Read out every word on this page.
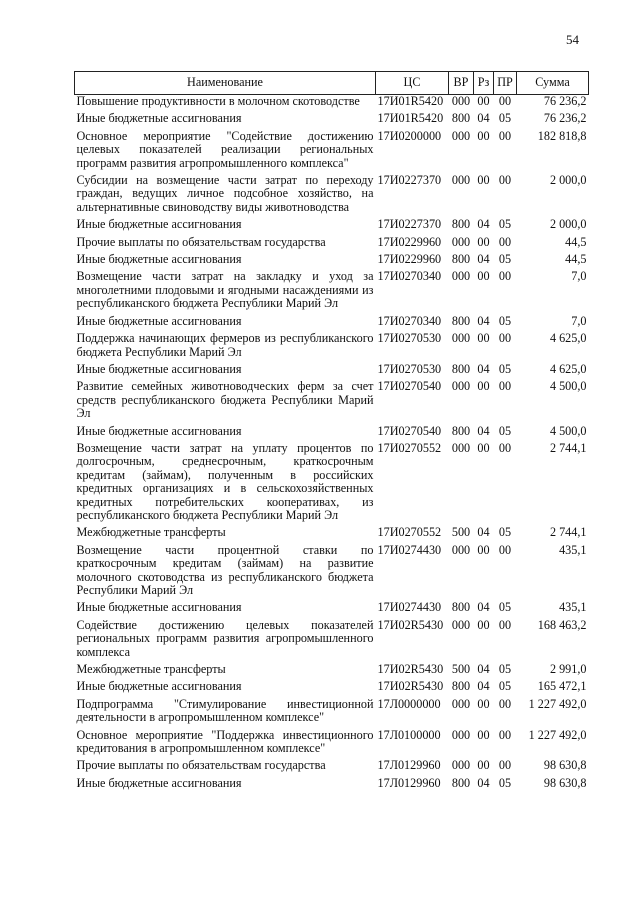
54
Наименование	ЦС	ВР	Рз	ПР	Сумма
Повышение продуктивности в молочном скотоводстве	17И01R5420	000	00	00	76 236,2
Иные бюджетные ассигнования	17И01R5420	800	04	05	76 236,2
Основное мероприятие "Содействие достижению целевых показателей реализации региональных программ развития агропромышленного комплекса"	17И0200000	000	00	00	182 818,8
Субсидии на возмещение части затрат по переходу граждан, ведущих личное подсобное хозяйство, на альтернативные свиноводству виды животноводства	17И0227370	000	00	00	2 000,0
Иные бюджетные ассигнования	17И0227370	800	04	05	2 000,0
Прочие выплаты по обязательствам государства	17И0229960	000	00	00	44,5
Иные бюджетные ассигнования	17И0229960	800	04	05	44,5
Возмещение части затрат на закладку и уход за многолетними плодовыми и ягодными насаждениями из республиканского бюджета Республики Марий Эл	17И0270340	000	00	00	7,0
Иные бюджетные ассигнования	17И0270340	800	04	05	7,0
Поддержка начинающих фермеров из республиканского бюджета Республики Марий Эл	17И0270530	000	00	00	4 625,0
Иные бюджетные ассигнования	17И0270530	800	04	05	4 625,0
Развитие семейных животноводческих ферм за счет средств республиканского бюджета Республики Марий Эл	17И0270540	000	00	00	4 500,0
Иные бюджетные ассигнования	17И0270540	800	04	05	4 500,0
Возмещение части затрат на уплату процентов по долгосрочным, среднесрочным, краткосрочным кредитам (займам), полученным в российских кредитных организациях и в сельскохозяйственных кредитных потребительских кооперативах, из республиканского бюджета Республики Марий Эл	17И0270552	000	00	00	2 744,1
Межбюджетные трансферты	17И0270552	500	04	05	2 744,1
Возмещение части процентной ставки по краткосрочным кредитам (займам) на развитие молочного скотоводства из республиканского бюджета Республики Марий Эл	17И0274430	000	00	00	435,1
Иные бюджетные ассигнования	17И0274430	800	04	05	435,1
Содействие достижению целевых показателей региональных программ развития агропромышленного комплекса	17И02R5430	000	00	00	168 463,2
Межбюджетные трансферты	17И02R5430	500	04	05	2 991,0
Иные бюджетные ассигнования	17И02R5430	800	04	05	165 472,1
Подпрограмма "Стимулирование инвестиционной деятельности в агропромышленном комплексе"	17Л0000000	000	00	00	1 227 492,0
Основное мероприятие "Поддержка инвестиционного кредитования в агропромышленном комплексе"	17Л0100000	000	00	00	1 227 492,0
Прочие выплаты по обязательствам государства	17Л0129960	000	00	00	98 630,8
Иные бюджетные ассигнования	17Л0129960	800	04	05	98 630,8
